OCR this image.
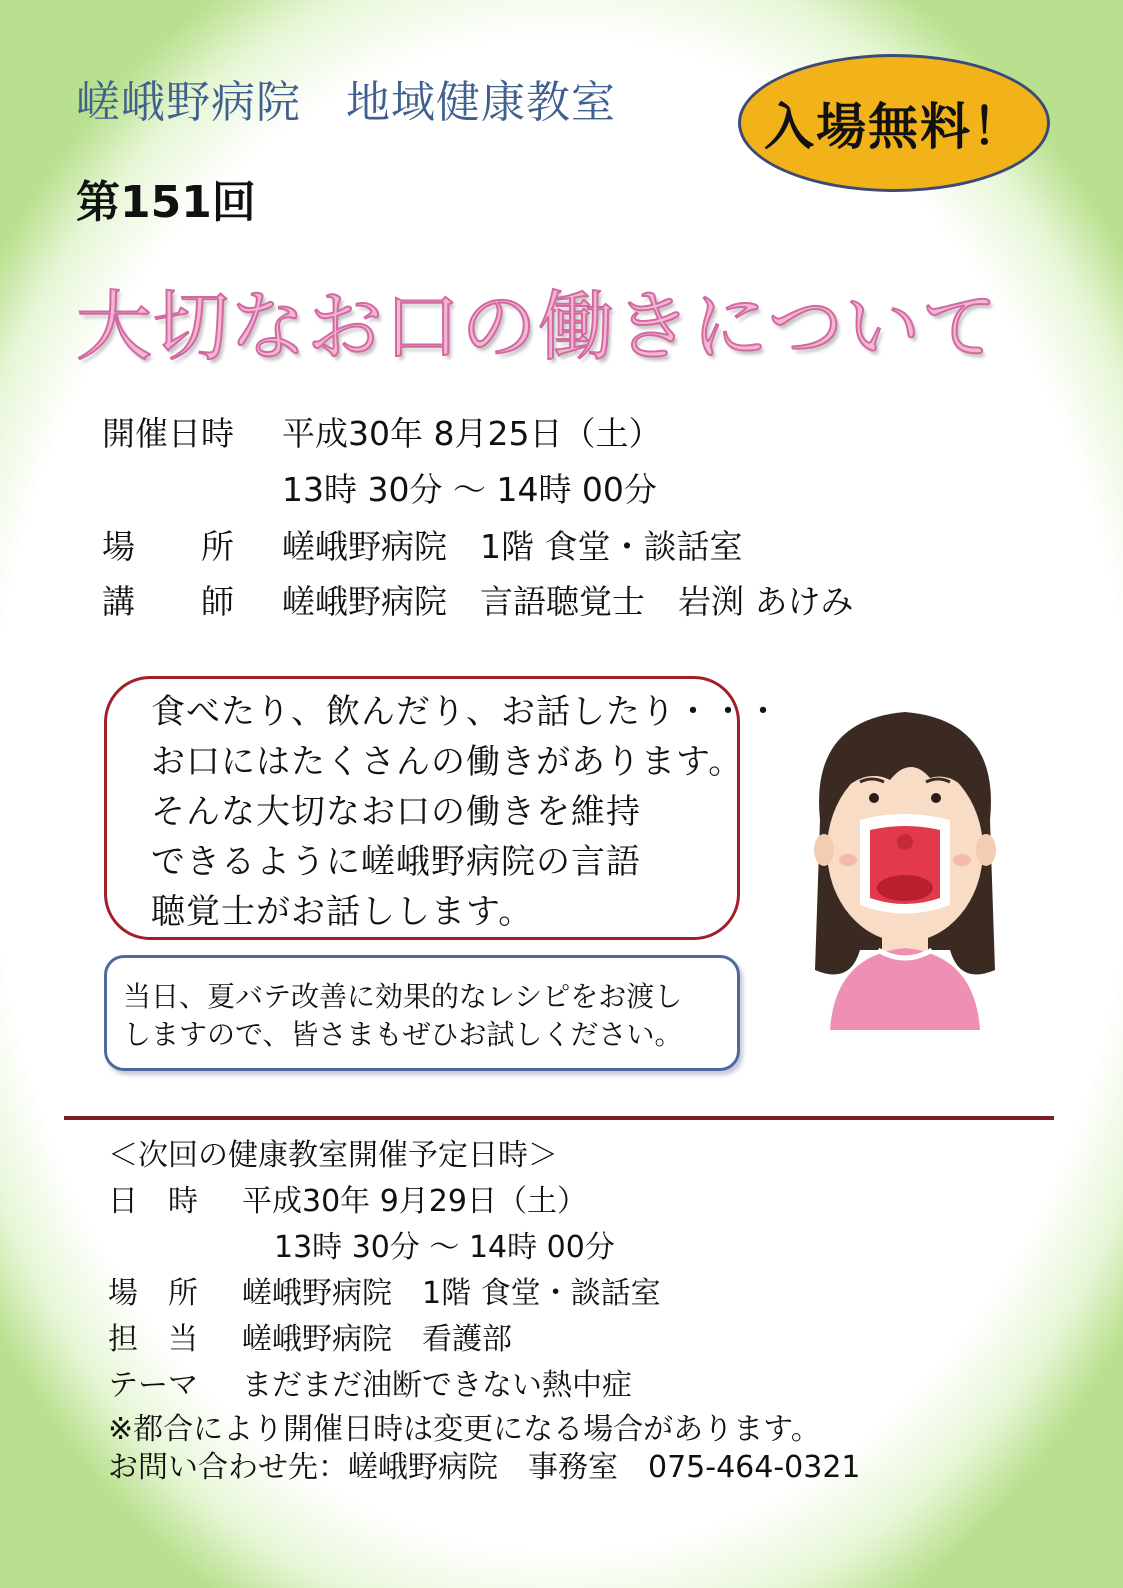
嵯峨野病院　地域健康教室	入場無料！
第151回
大切なお口の働きについて
開催日時 平成30年 8月25日（土）
13時 30分 ～ 14時 00分
場　　所 嵯峨野病院　1階 食堂・談話室
講　　師 嵯峨野病院　言語聴覚士　岩渕 あけみ
食べたり、飲んだり、お話したり・・・
お口にはたくさんの働きがあります。
そんな大切なお口の働きを維持
できるように嵯峨野病院の言語
聴覚士がお話しします。
当日、夏バテ改善に効果的なレシピをお渡し
しますので、皆さまもぜひお試しください。
＜次回の健康教室開催予定日時＞
日　時 平成30年 9月29日（土）
13時 30分 ～ 14時 00分
場　所 嵯峨野病院　1階 食堂・談話室
担　当 嵯峨野病院　看護部
テーマ まだまだ油断できない熱中症
※都合により開催日時は変更になる場合があります。
お問い合わせ先：嵯峨野病院　事務室　075-464-0321
